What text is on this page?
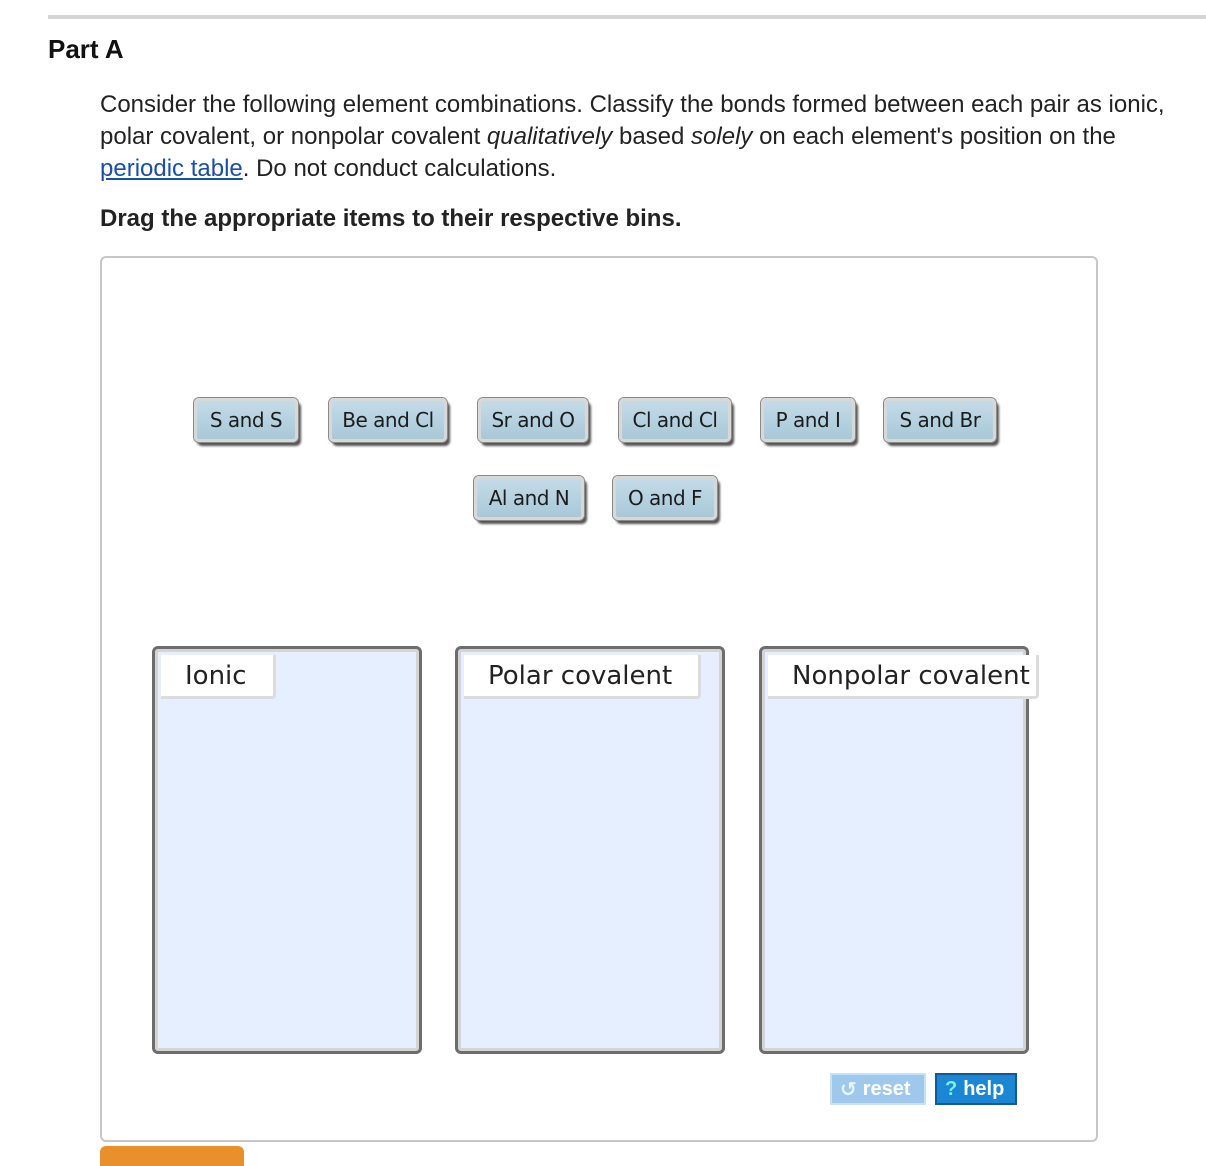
Part A
Consider the following element combinations. Classify the bonds formed between each pair as ionic, polar covalent, or nonpolar covalent qualitatively based solely on each element's position on the periodic table. Do not conduct calculations.
Drag the appropriate items to their respective bins.
S and S	Be and Cl	Sr and O	Cl and Cl	P and I	S and Br
Al and N	O and F
Ionic	Polar covalent	Nonpolar covalent
↺ reset ? help
